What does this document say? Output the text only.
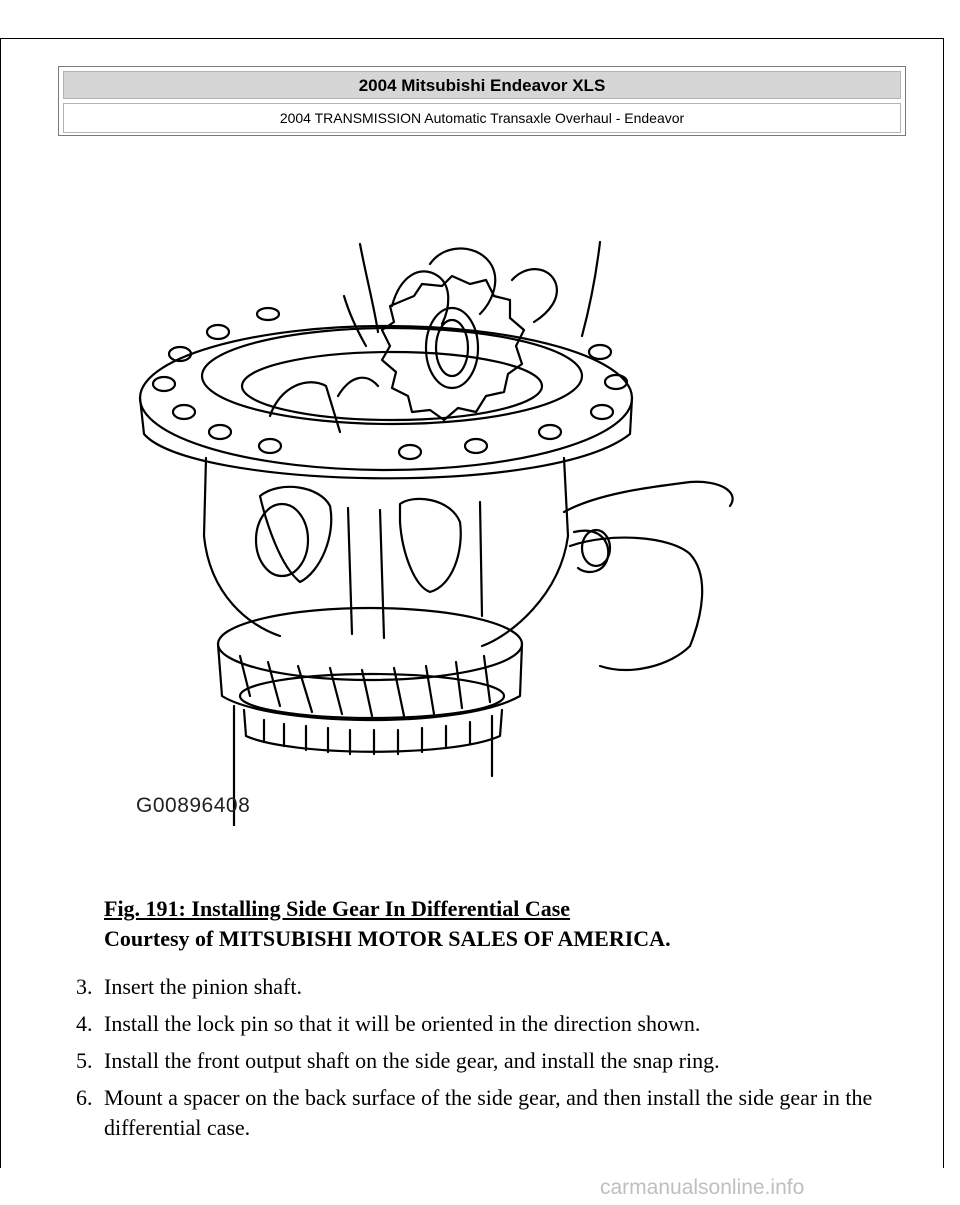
2004 Mitsubishi Endeavor XLS
2004 TRANSMISSION Automatic Transaxle Overhaul - Endeavor
G00896408
Fig. 191: Installing Side Gear In Differential Case
Courtesy of MITSUBISHI MOTOR SALES OF AMERICA.
3. Insert the pinion shaft.
4. Install the lock pin so that it will be oriented in the direction shown.
5. Install the front output shaft on the side gear, and install the snap ring.
6. Mount a spacer on the back surface of the side gear, and then install the side gear in the differential case.
carmanualsonline.info
